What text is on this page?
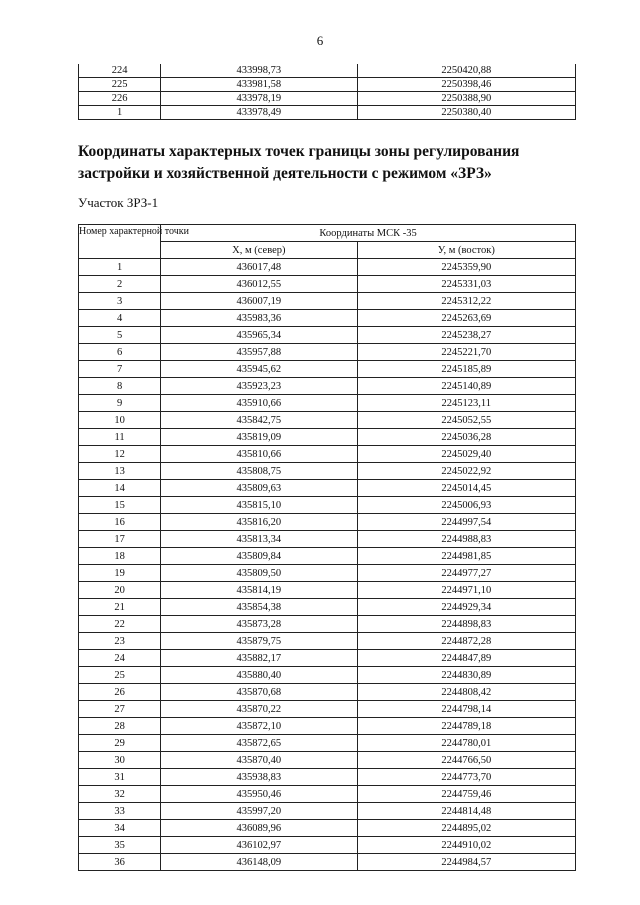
6
224	433998,73	2250420,88
225	433981,58	2250398,46
226	433978,19	2250388,90
1	433978,49	2250380,40
Координаты характерных точек границы зоны регулирования застройки и хозяйственной деятельности с режимом «ЗРЗ»
Участок ЗРЗ-1
Номер характерной точки	Координаты МСК -35	
	Х, м (север)	У, м (восток)
1	436017,48	2245359,90
2	436012,55	2245331,03
3	436007,19	2245312,22
4	435983,36	2245263,69
5	435965,34	2245238,27
6	435957,88	2245221,70
7	435945,62	2245185,89
8	435923,23	2245140,89
9	435910,66	2245123,11
10	435842,75	2245052,55
11	435819,09	2245036,28
12	435810,66	2245029,40
13	435808,75	2245022,92
14	435809,63	2245014,45
15	435815,10	2245006,93
16	435816,20	2244997,54
17	435813,34	2244988,83
18	435809,84	2244981,85
19	435809,50	2244977,27
20	435814,19	2244971,10
21	435854,38	2244929,34
22	435873,28	2244898,83
23	435879,75	2244872,28
24	435882,17	2244847,89
25	435880,40	2244830,89
26	435870,68	2244808,42
27	435870,22	2244798,14
28	435872,10	2244789,18
29	435872,65	2244780,01
30	435870,40	2244766,50
31	435938,83	2244773,70
32	435950,46	2244759,46
33	435997,20	2244814,48
34	436089,96	2244895,02
35	436102,97	2244910,02
36	436148,09	2244984,57
